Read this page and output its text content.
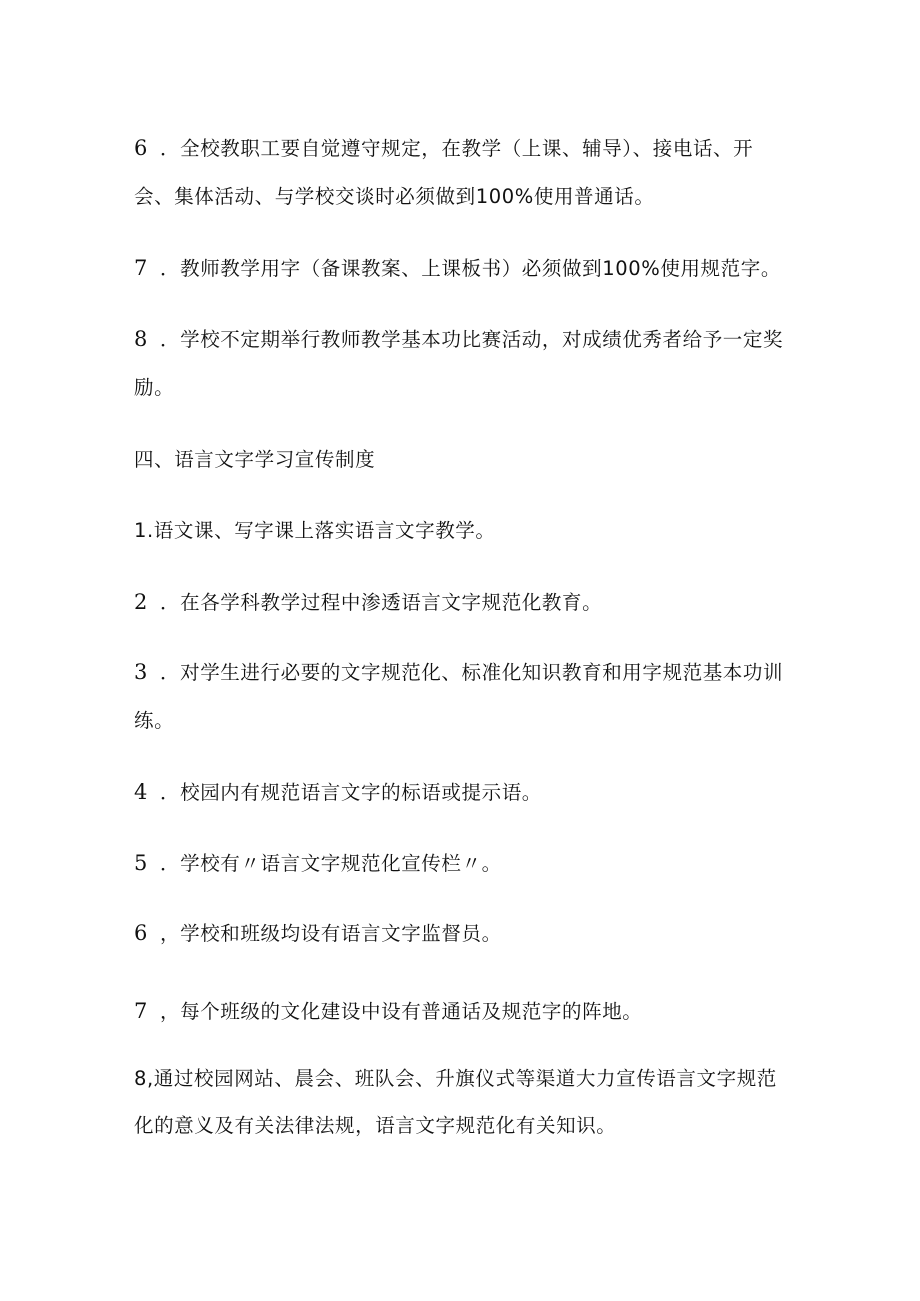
6 ．全校教职工要自觉遵守规定，在教学（上课、辅导）、接电话、开
会、集体活动、与学校交谈时必须做到100%使用普通话。
7 ．教师教学用字（备课教案、上课板书）必须做到100%使用规范字。
8 ．学校不定期举行教师教学基本功比赛活动，对成绩优秀者给予一定奖
励。
四、语言文字学习宣传制度
1.语文课、写字课上落实语言文字教学。
2 ．在各学科教学过程中渗透语言文字规范化教育。
3 ．对学生进行必要的文字规范化、标准化知识教育和用字规范基本功训
练。
4 ．校园内有规范语言文字的标语或提示语。
5 ．学校有〃语言文字规范化宣传栏〃。
6 ，学校和班级均设有语言文字监督员。
7 ，每个班级的文化建设中设有普通话及规范字的阵地。
8,通过校园网站、晨会、班队会、升旗仪式等渠道大力宣传语言文字规范
化的意义及有关法律法规，语言文字规范化有关知识。
